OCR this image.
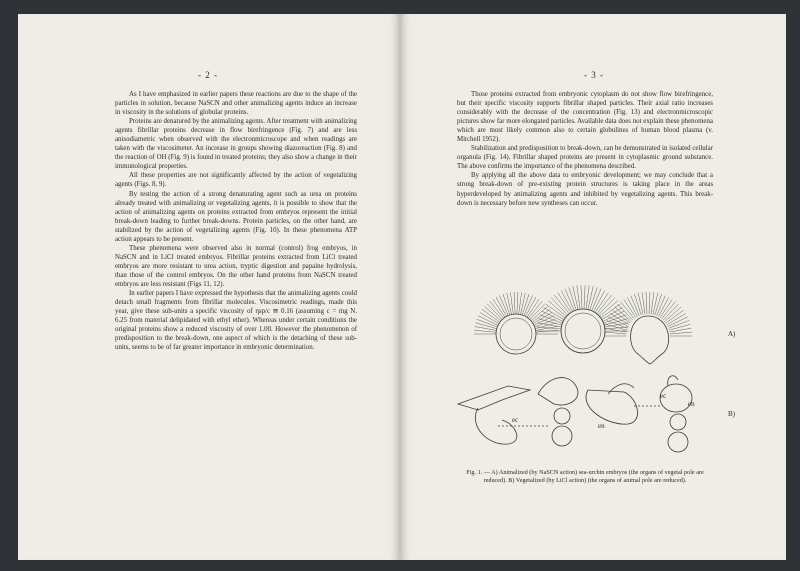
- 2 -

As I have emphasized in earlier papers these reactions are due to the shape of the particles in solution, because NaSCN and other animalizing agents induce an increase in viscosity in the solutions of globular proteins.

Proteins are denatured by the animalizing agents. After treatment with animalizing agents fibrillar proteins decrease in flow birefringence (Fig. 7) and are less anisodiametric when observed with the electronmicroscope and when readings are taken with the viscosimeter. An increase in groups showing diazoreaction (Fig. 8) and the reaction of OH (Fig. 9) is found in treated proteins; they also show a change in their immunological properties.

All these properties are not significantly affected by the action of vegetalizing agents (Figs. 8, 9).

By testing the action of a strong denaturating agent such as urea on proteins already treated with animalizing or vegetalizing agents, it is possible to show that the action of animalizing agents on proteins extracted from embryos represent the initial break-down leading to further break-downs. Protein particles, on the other hand, are stabilized by the action of vegetalizing agents (Fig. 10). In these phenomena ATP action appears to be present.

These phenomena were observed also in normal (control) frog embryos, in NaSCN and in LiCl treated embryos. Fibrillar proteins extracted from LiCl treated embryos are more resistant to urea action, tryptic digestion and papaine hydrolysis, than those of the control embryos. On the other hand proteins from NaSCN treated embryos are less resistant (Figs 11, 12).

In earlier papers I have expressed the hypothesis that the animalizing agents could detach small fragments from fibrillar molecules. Viscosimetric readings, made this year, give these sub-units a specific viscosity of ηsp/c ≅ 0.16 (assuming c = mg N. 6.25 from material delipidated with ethyl ether). Whereas under certain conditions the original proteins show a reduced viscosity of over 1.00. However the phenomenon of predisposition to the break-down, one aspect of which is the detaching of these sub-units, seems to be of far greater importance in embryonic determination.

- 3 -

Those proteins extracted from embryonic cytoplasm do not show flow birefringence, but their specific viscosity supports fibrillar shaped particles. Their axial ratio increases considerably with the decrease of the concentration (Fig. 13) and electronmicroscopic pictures show far more elongated particles. Available data does not explain these phenomena which are most likely common also to certain globulines of human blood plasma (v. Mitchell 1952).

Stabilization and predisposition to break-down, can be demonstrated in isolated cellular organula (Fig. 14). Fibrillar shaped proteins are present in cytoplasmic ground substance. The above confirms the importance of the phenomena described.

By applying all the above data to embryonic development; we may conclude that a strong break-down of pre-existing protein structures is taking place in the areas hyperdeveloped by animalizing agents and inhibited by vegetalizing agents. This break-down is necessary before new syntheses can occur.

A)
B)
ec
ec
en
en
Fig. 1. — A) Animalized (by NaSCN action) sea-urchin embryos (the organs of vegetal pole are reduced). B) Vegetalized (by LiCl action) (the organs of animal pole are reduced).
